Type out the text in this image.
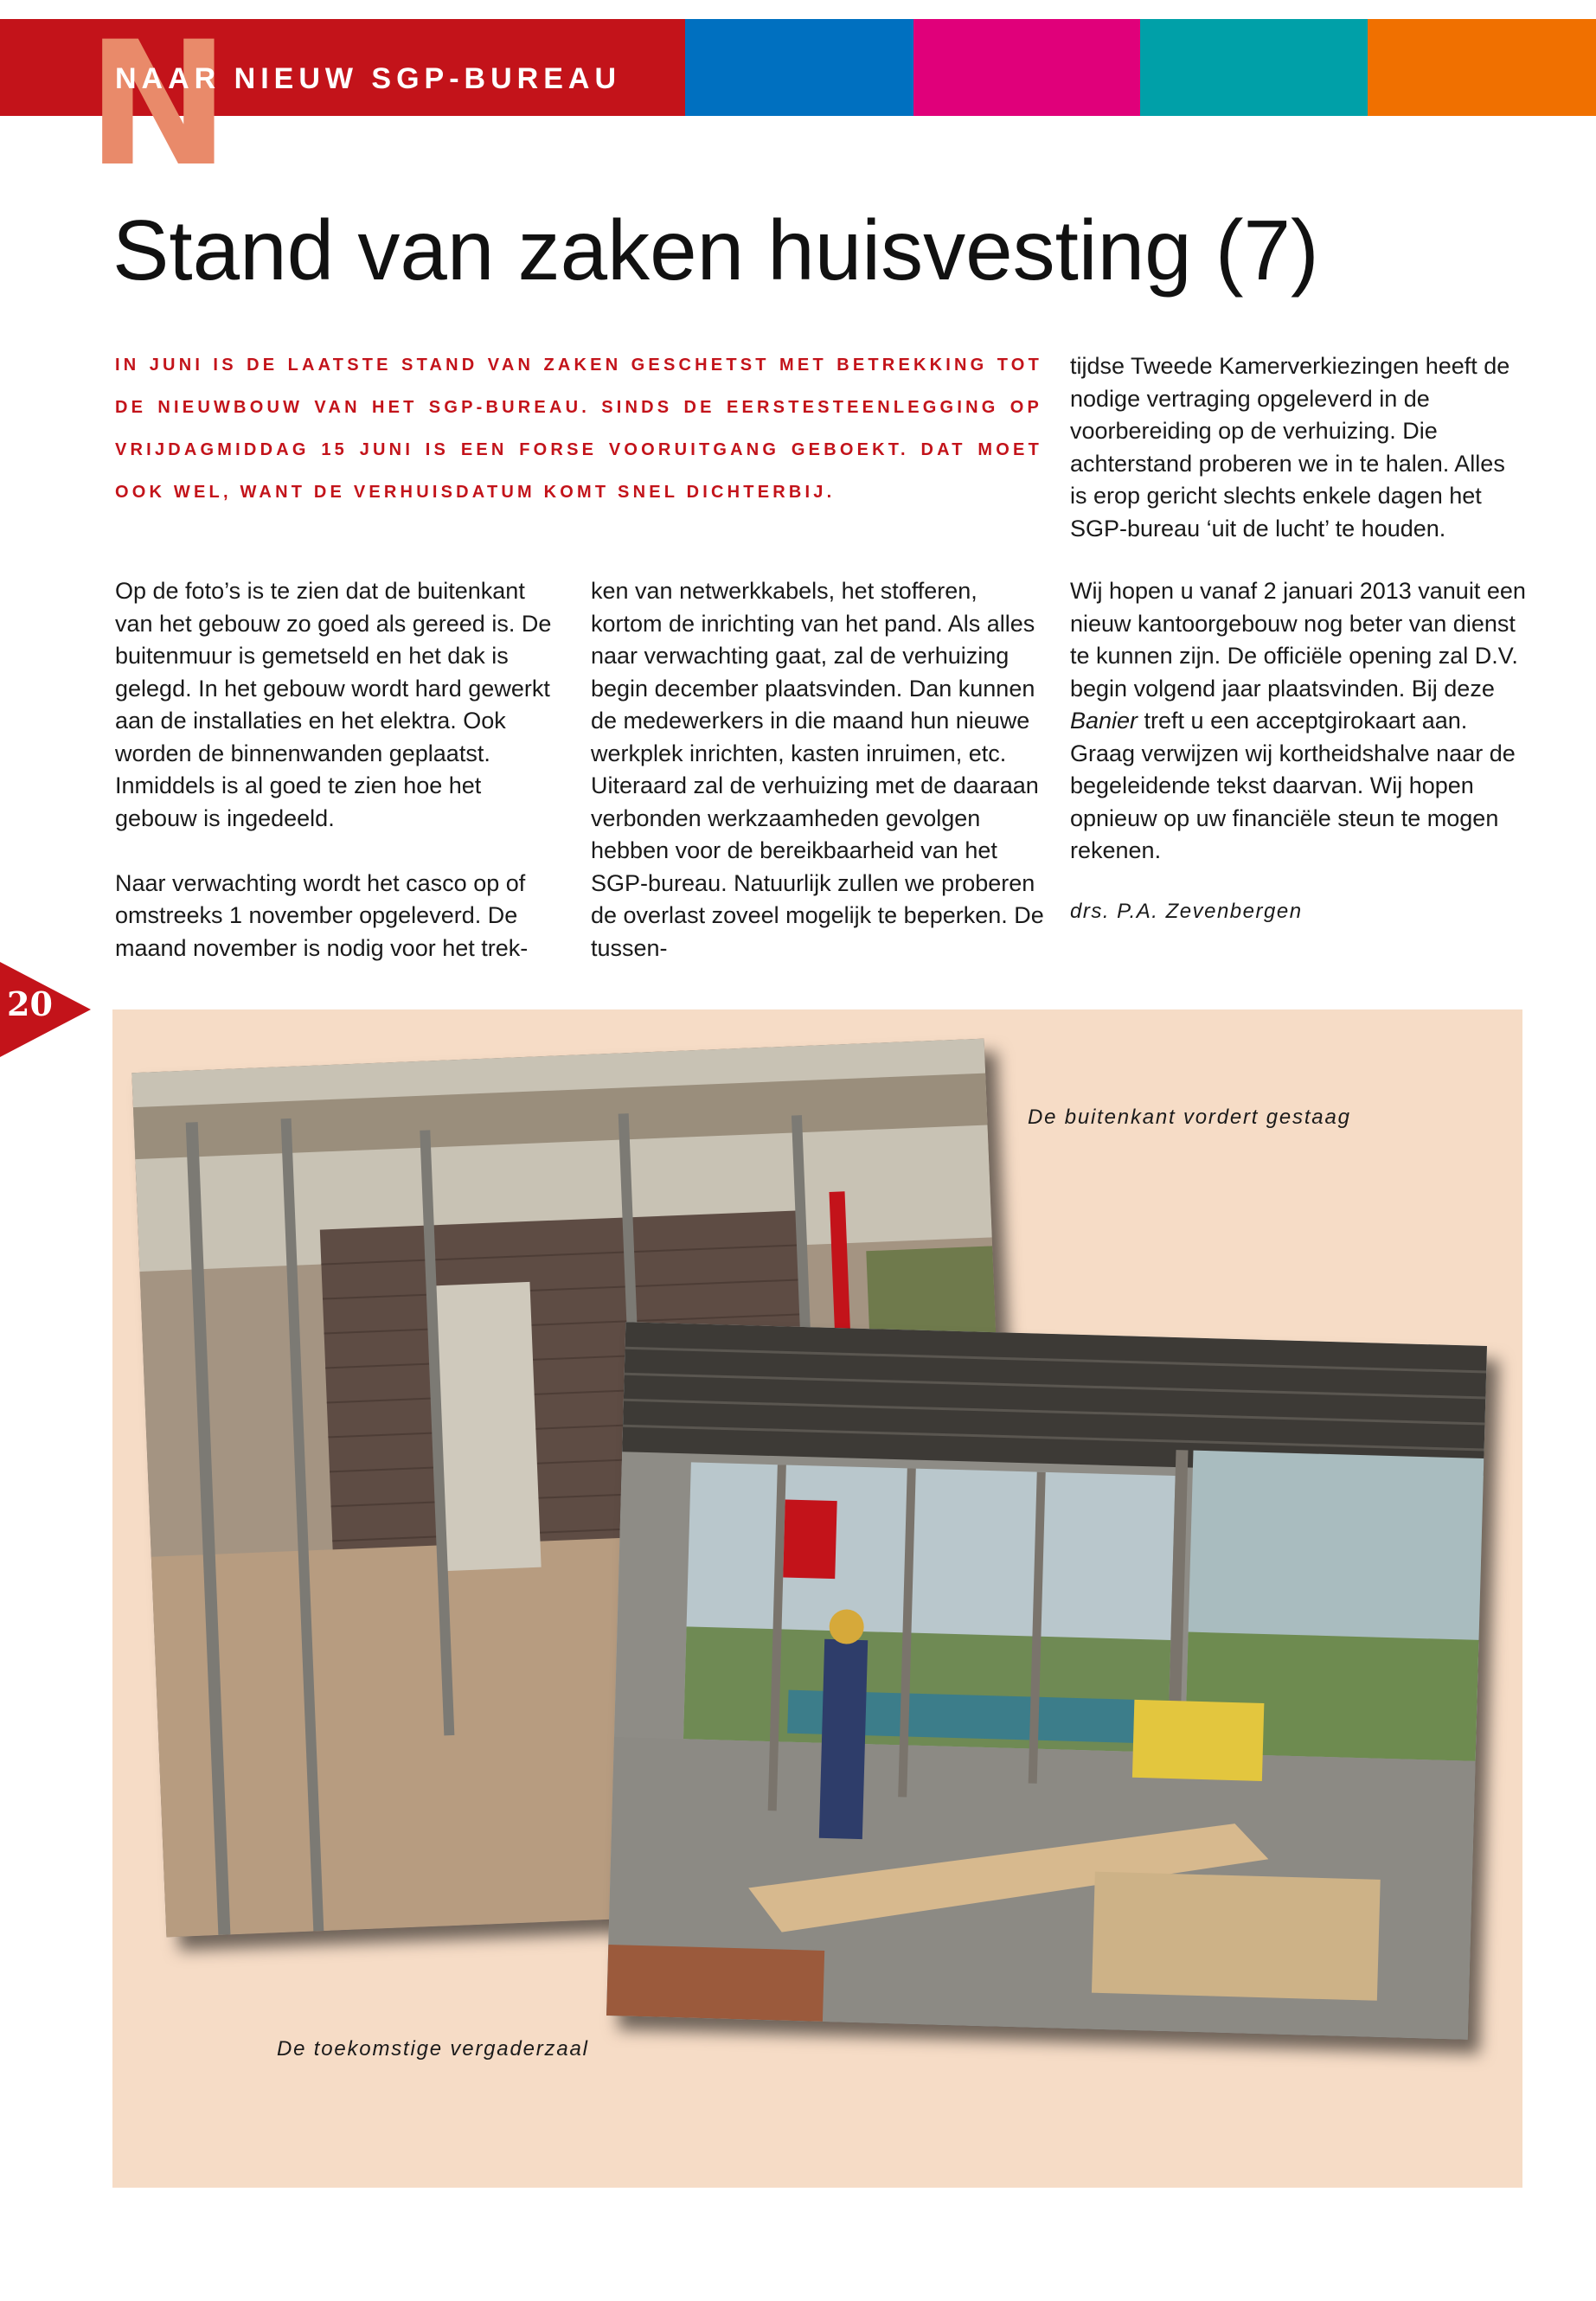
N
NAAR NIEUW SGP-BUREAU
Stand van zaken huisvesting (7)
IN JUNI IS DE LAATSTE STAND VAN ZAKEN GESCHETST MET BETREKKING TOT DE NIEUWBOUW VAN HET SGP-BUREAU. SINDS DE EERSTESTEENLEGGING OP VRIJDAGMIDDAG 15 JUNI IS EEN FORSE VOORUITGANG GEBOEKT. DAT MOET OOK WEL, WANT DE VERHUISDATUM KOMT SNEL DICHTERBIJ.
tijdse Tweede Kamerverkiezingen heeft de nodige vertraging opgeleverd in de voorbereiding op de verhuizing. Die achterstand proberen we in te halen. Alles is erop gericht slechts enkele dagen het SGP-bureau ‘uit de lucht’ te houden.

Op de foto’s is te zien dat de buitenkant van het gebouw zo goed als gereed is. De buitenmuur is gemetseld en het dak is gelegd. In het gebouw wordt hard gewerkt aan de installaties en het elektra. Ook worden de binnenwanden geplaatst. Inmiddels is al goed te zien hoe het gebouw is ingedeeld.

Naar verwachting wordt het casco op of omstreeks 1 november opgeleverd. De maand november is nodig voor het trek-

ken van netwerkkabels, het stofferen, kortom de inrichting van het pand. Als alles naar verwachting gaat, zal de verhuizing begin december plaatsvinden. Dan kunnen de medewerkers in die maand hun nieuwe werkplek inrichten, kasten inruimen, etc. Uiteraard zal de verhuizing met de daaraan verbonden werkzaamheden gevolgen hebben voor de bereikbaarheid van het SGP-bureau. Natuurlijk zullen we proberen de overlast zoveel mogelijk te beperken. De tussen-

Wij hopen u vanaf 2 januari 2013 vanuit een nieuw kantoorgebouw nog beter van dienst te kunnen zijn. De officiële opening zal D.V. begin volgend jaar plaatsvinden. Bij deze Banier treft u een acceptgirokaart aan. Graag verwijzen wij kortheidshalve naar de begeleidende tekst daarvan. Wij hopen opnieuw op uw financiële steun te mogen rekenen.

drs. P.A. Zevenbergen
20
De buitenkant vordert gestaag
De toekomstige vergaderzaal
